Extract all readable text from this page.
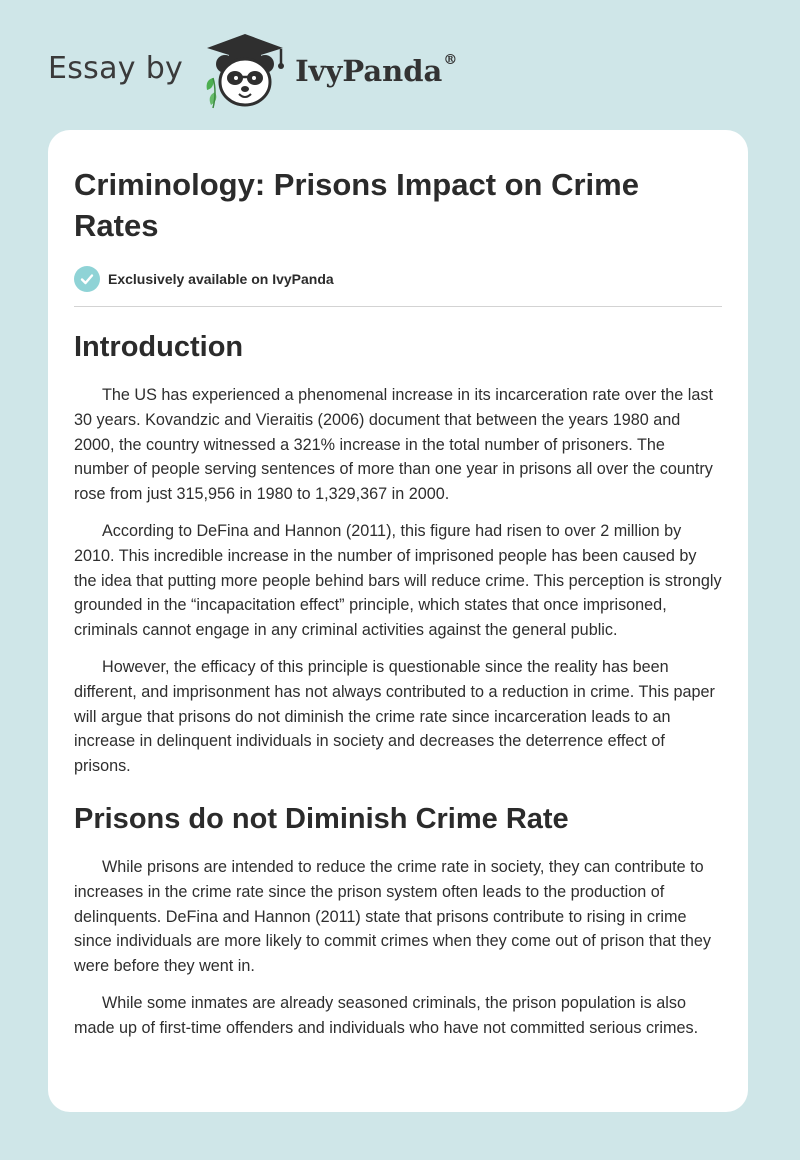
Essay by	IvyPanda®
Criminology: Prisons Impact on Crime Rates
Exclusively available on IvyPanda
Introduction

The US has experienced a phenomenal increase in its incarceration rate over the last 30 years. Kovandzic and Vieraitis (2006) document that between the years 1980 and 2000, the country witnessed a 321% increase in the total number of prisoners. The number of people serving sentences of more than one year in prisons all over the country rose from just 315,956 in 1980 to 1,329,367 in 2000.

According to DeFina and Hannon (2011), this figure had risen to over 2 million by 2010. This incredible increase in the number of imprisoned people has been caused by the idea that putting more people behind bars will reduce crime. This perception is strongly grounded in the “incapacitation effect” principle, which states that once imprisoned, criminals cannot engage in any criminal activities against the general public.

However, the efficacy of this principle is questionable since the reality has been different, and imprisonment has not always contributed to a reduction in crime. This paper will argue that prisons do not diminish the crime rate since incarceration leads to an increase in delinquent individuals in society and decreases the deterrence effect of prisons.

Prisons do not Diminish Crime Rate

While prisons are intended to reduce the crime rate in society, they can contribute to increases in the crime rate since the prison system often leads to the production of delinquents. DeFina and Hannon (2011) state that prisons contribute to rising in crime since individuals are more likely to commit crimes when they come out of prison that they were before they went in.

While some inmates are already seasoned criminals, the prison population is also made up of first-time offenders and individuals who have not committed serious crimes.
